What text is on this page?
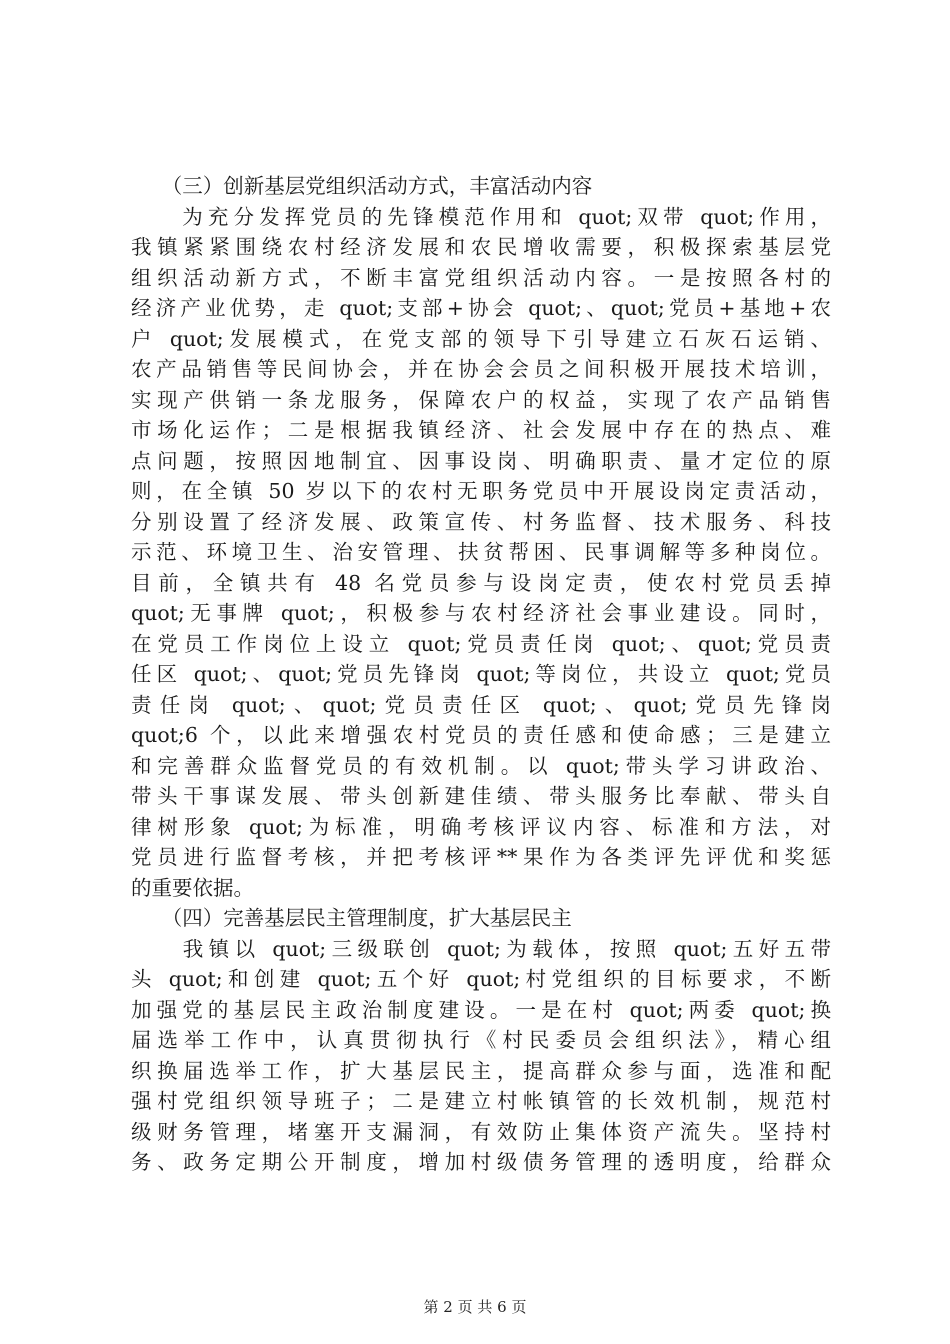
　　（三）创新基层党组织活动方式，丰富活动内容
　　为充分发挥党员的先锋模范作用和 quot;双带 quot;作用，
我镇紧紧围绕农村经济发展和农民增收需要，积极探索基层党
组织活动新方式，不断丰富党组织活动内容。一是按照各村的
经济产业优势，走 quot;支部+协会 quot;、quot;党员+基地+农
户 quot;发展模式，在党支部的领导下引导建立石灰石运销、
农产品销售等民间协会，并在协会会员之间积极开展技术培训，
实现产供销一条龙服务，保障农户的权益，实现了农产品销售
市场化运作；二是根据我镇经济、社会发展中存在的热点、难
点问题，按照因地制宜、因事设岗、明确职责、量才定位的原
则，在全镇 50 岁以下的农村无职务党员中开展设岗定责活动，
分别设置了经济发展、政策宣传、村务监督、技术服务、科技
示范、环境卫生、治安管理、扶贫帮困、民事调解等多种岗位。
目前，全镇共有 48 名党员参与设岗定责，使农村党员丢掉
quot;无事牌 quot;，积极参与农村经济社会事业建设。同时，
在党员工作岗位上设立 quot;党员责任岗 quot;、quot;党员责
任区 quot;、quot;党员先锋岗 quot;等岗位，共设立 quot;党员
责任岗 quot;、quot;党员责任区 quot;、quot;党员先锋岗
quot;6 个，以此来增强农村党员的责任感和使命感；三是建立
和完善群众监督党员的有效机制。以 quot;带头学习讲政治、
带头干事谋发展、带头创新建佳绩、带头服务比奉献、带头自
律树形象 quot;为标准，明确考核评议内容、标准和方法，对
党员进行监督考核，并把考核评**果作为各类评先评优和奖惩
的重要依据。
　　（四）完善基层民主管理制度，扩大基层民主
　　我镇以 quot;三级联创 quot;为载体，按照 quot;五好五带
头 quot;和创建 quot;五个好 quot;村党组织的目标要求，不断
加强党的基层民主政治制度建设。一是在村 quot;两委 quot;换
届选举工作中，认真贯彻执行《村民委员会组织法》，精心组
织换届选举工作，扩大基层民主，提高群众参与面，选准和配
强村党组织领导班子；二是建立村帐镇管的长效机制，规范村
级财务管理，堵塞开支漏洞，有效防止集体资产流失。坚持村
务、政务定期公开制度，增加村级债务管理的透明度，给群众
第 2 页 共 6 页
